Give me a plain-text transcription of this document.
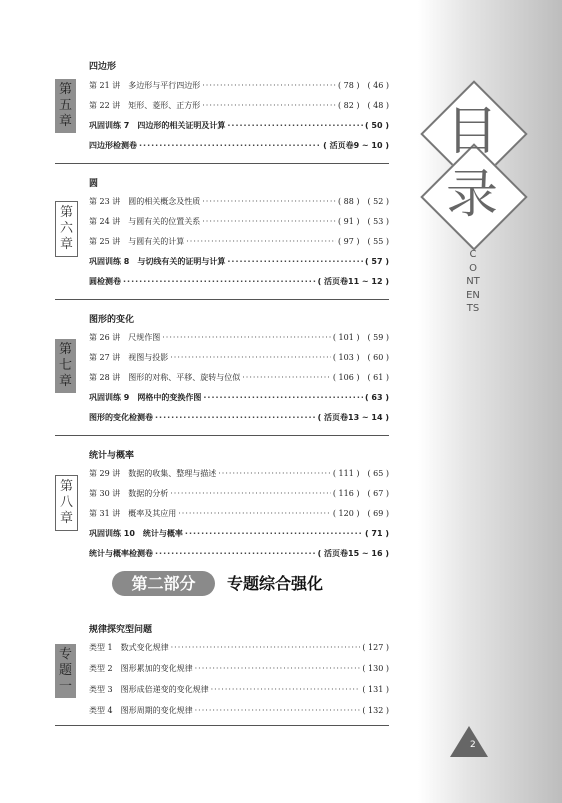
目
录
CONTENTS
2
四边形
第五章
第 21 讲　多边形与平行四边形 ·····	( 78 )　( 46 )
第 22 讲　矩形、菱形、正方形 ·····	( 82 )　( 48 )
巩固训练 7　四边形的相关证明及计算 ·····	( 50 )
四边形检测卷 ·····	( 活页卷9 ~ 10 )
圆
第六章
第 23 讲　圆的相关概念及性质 ·····	( 88 )　( 52 )
第 24 讲　与圆有关的位置关系 ·····	( 91 )　( 53 )
第 25 讲　与圆有关的计算 ·····	( 97 )　( 55 )
巩固训练 8　与切线有关的证明与计算 ·····	( 57 )
圆检测卷 ·····	( 活页卷11 ~ 12 )
图形的变化
第七章
第 26 讲　尺规作图 ·····	( 101 )　( 59 )
第 27 讲　视图与投影 ·····	( 103 )　( 60 )
第 28 讲　图形的对称、平移、旋转与位似 ·····	( 106 )　( 61 )
巩固训练 9　网格中的变换作图 ·····	( 63 )
图形的变化检测卷 ·····	( 活页卷13 ~ 14 )
统计与概率
第八章
第 29 讲　数据的收集、整理与描述 ·····	( 111 )　( 65 )
第 30 讲　数据的分析 ·····	( 116 )　( 67 )
第 31 讲　概率及其应用 ·····	( 120 )　( 69 )
巩固训练 10　统计与概率 ·····	( 71 )
统计与概率检测卷 ·····	( 活页卷15 ~ 16 )
第二部分	专题综合强化
规律探究型问题
专题一
类型 1　数式变化规律 ·····	( 127 )
类型 2　图形累加的变化规律 ·····	( 130 )
类型 3　图形成倍递变的变化规律 ·····	( 131 )
类型 4　图形周期的变化规律 ·····	( 132 )
